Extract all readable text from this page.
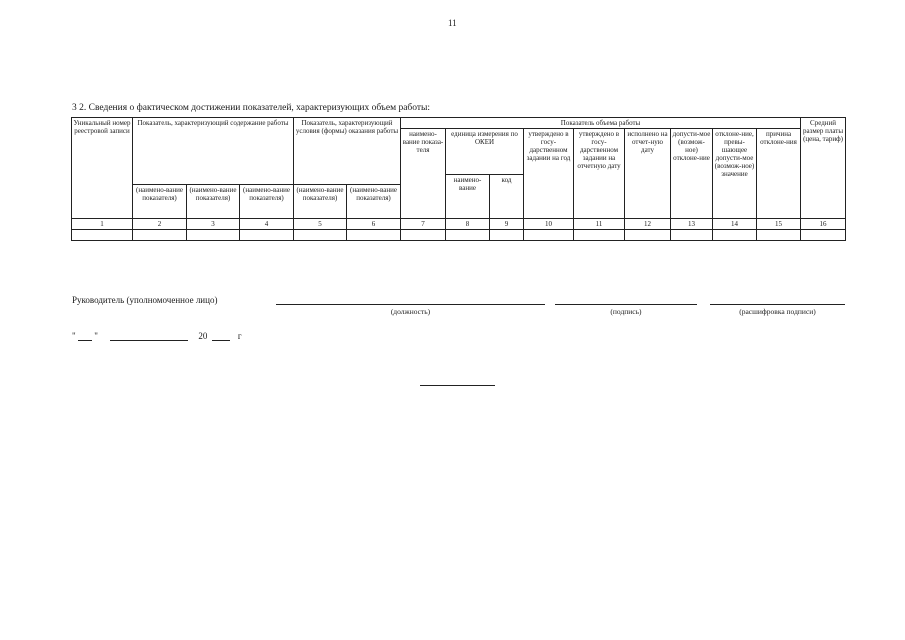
11
3 2. Сведения о фактическом достижении показателей, характеризующих объем работы:
Уникальный номер реестровой записи	Показатель, характеризующий содержание работы			Показатель, характеризующий условия (формы) оказания работы		Показатель объема работы									Средний размер платы (цена, тариф)
						наимено-вание показа-теля	единица измерения по ОКЕИ		утверждено в госу-дарственном задании на год	утверждено в госу-дарственном задании на отчетную дату	исполнено на отчет-ную дату	допусти-мое (возмож-ное) отклоне-ние	отклоне-ние, превы-шающее допусти-мое (возмож-ное) значение	причина отклоне-ния	
							наимено-вание	код							
	(наимено-вание показателя)	(наимено-вание показателя)	(наимено-вание показателя)	(наимено-вание показателя)	(наимено-вание показателя)										
1	2	3	4	5	6	7	8	9	10	11	12	13	14	15	16

Руководитель (уполномоченное лицо)
(должность)	(подпись)	(расшифровка подписи)
" "	20	г
